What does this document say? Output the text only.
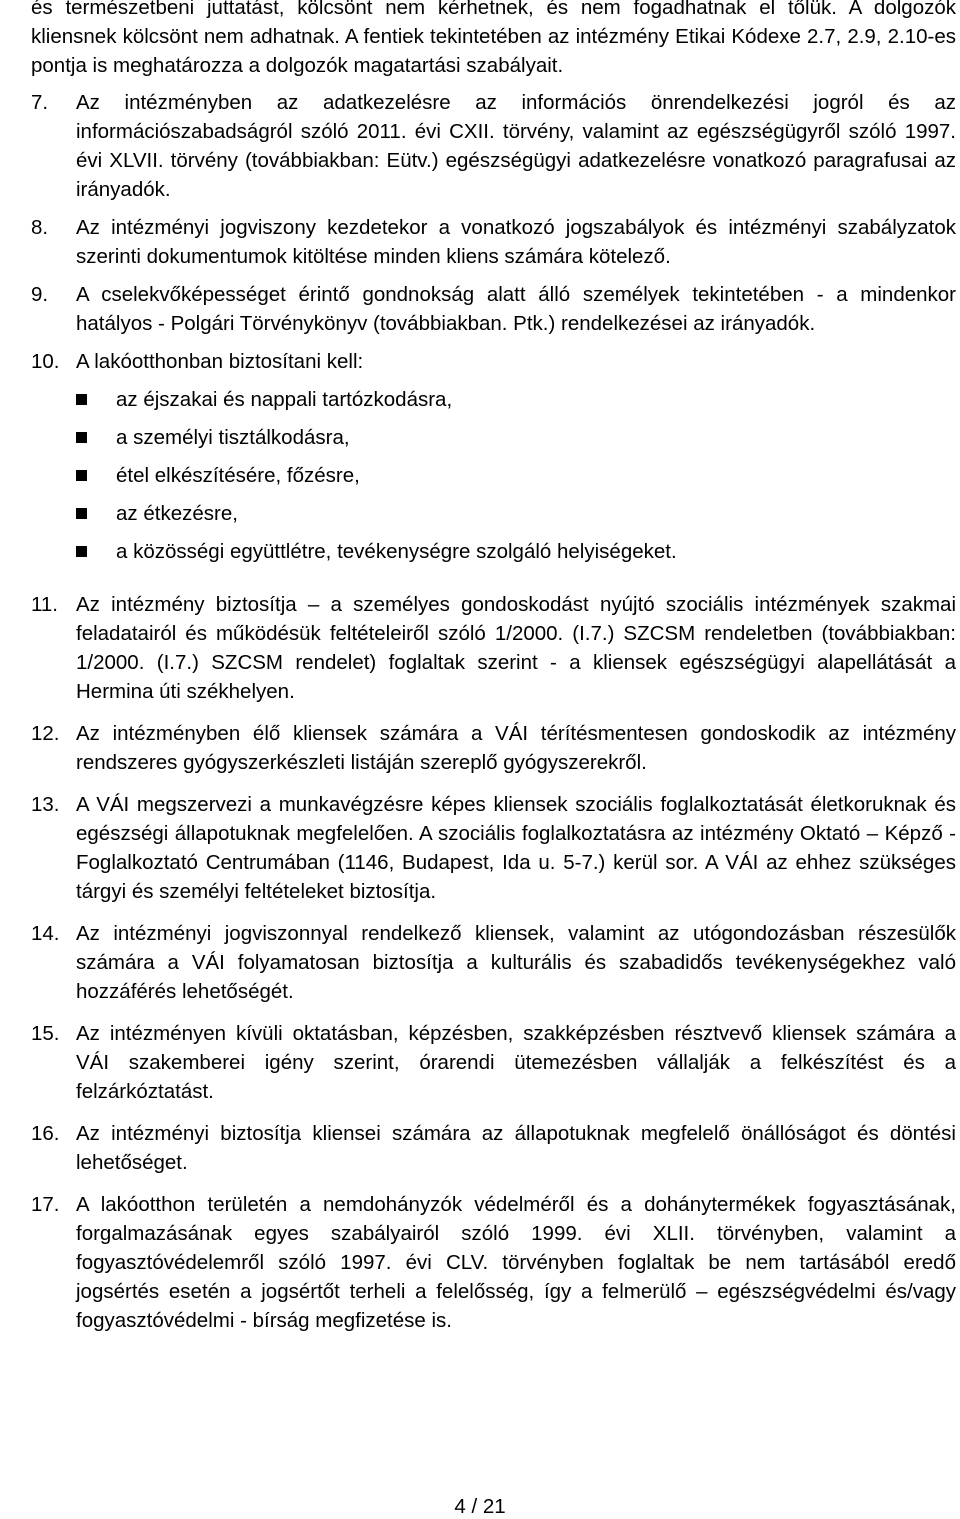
és természetbeni juttatást, kölcsönt nem kérhetnek, és nem fogadhatnak el tőlük. A dolgozók kliensnek kölcsönt nem adhatnak. A fentiek tekintetében az intézmény Etikai Kódexe 2.7, 2.9, 2.10-es pontja is meghatározza a dolgozók magatartási szabályait.

7. Az intézményben az adatkezelésre az információs önrendelkezési jogról és az információszabadságról szóló 2011. évi CXII. törvény, valamint az egészségügyről szóló 1997. évi XLVII. törvény (továbbiakban: Eütv.) egészségügyi adatkezelésre vonatkozó paragrafusai az irányadók.
8. Az intézményi jogviszony kezdetekor a vonatkozó jogszabályok és intézményi szabályzatok szerinti dokumentumok kitöltése minden kliens számára kötelező.
9. A cselekvőképességet érintő gondnokság alatt álló személyek tekintetében - a mindenkor hatályos - Polgári Törvénykönyv (továbbiakban. Ptk.) rendelkezései az irányadók.
10. A lakóotthonban biztosítani kell:
az éjszakai és nappali tartózkodásra,
a személyi tisztálkodásra,
étel elkészítésére, főzésre,
az étkezésre,
a közösségi együttlétre, tevékenységre szolgáló helyiségeket.
11. Az intézmény biztosítja – a személyes gondoskodást nyújtó szociális intézmények szakmai feladatairól és működésük feltételeiről szóló 1/2000. (I.7.) SZCSM rendeletben (továbbiakban: 1/2000. (I.7.) SZCSM rendelet) foglaltak szerint - a kliensek egészségügyi alapellátását a Hermina úti székhelyen.
12. Az intézményben élő kliensek számára a VÁI térítésmentesen gondoskodik az intézmény rendszeres gyógyszerkészleti listáján szereplő gyógyszerekről.
13. A VÁI megszervezi a munkavégzésre képes kliensek szociális foglalkoztatását életkoruknak és egészségi állapotuknak megfelelően. A szociális foglalkoztatásra az intézmény Oktató – Képző - Foglalkoztató Centrumában (1146, Budapest, Ida u. 5-7.) kerül sor. A VÁI az ehhez szükséges tárgyi és személyi feltételeket biztosítja.
14. Az intézményi jogviszonnyal rendelkező kliensek, valamint az utógondozásban részesülők számára a VÁI folyamatosan biztosítja a kulturális és szabadidős tevékenységekhez való hozzáférés lehetőségét.
15. Az intézményen kívüli oktatásban, képzésben, szakképzésben résztvevő kliensek számára a VÁI szakemberei igény szerint, órarendi ütemezésben vállalják a felkészítést és a felzárkóztatást.
16. Az intézményi biztosítja kliensei számára az állapotuknak megfelelő önállóságot és döntési lehetőséget.
17. A lakóotthon területén a nemdohányzók védelméről és a dohánytermékek fogyasztásának, forgalmazásának egyes szabályairól szóló 1999. évi XLII. törvényben, valamint a fogyasztóvédelemről szóló 1997. évi CLV. törvényben foglaltak be nem tartásából eredő jogsértés esetén a jogsértőt terheli a felelősség, így a felmerülő – egészségvédelmi és/vagy fogyasztóvédelmi - bírság megfizetése is.
4 / 21
